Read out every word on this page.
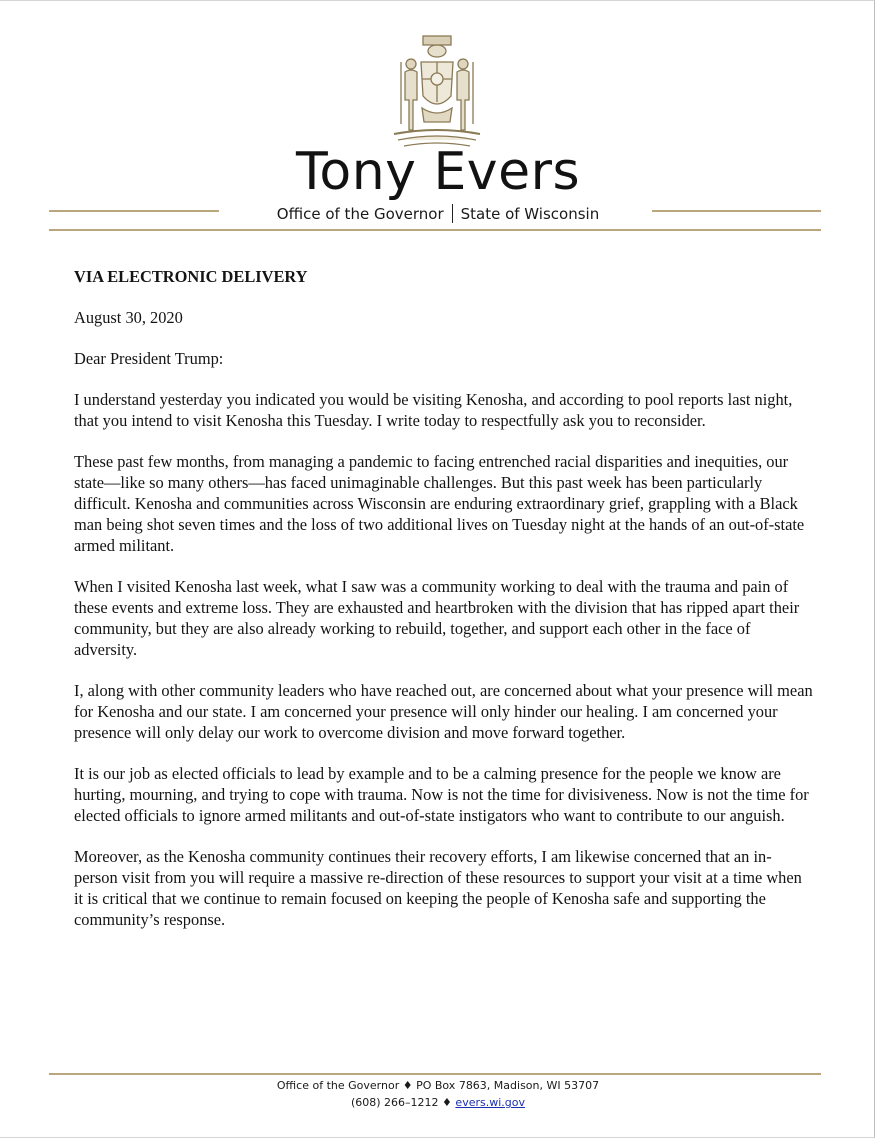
Tony Evers
Office of the Governor State of Wisconsin

VIA ELECTRONIC DELIVERY

August 30, 2020

Dear President Trump:

I understand yesterday you indicated you would be visiting Kenosha, and according to pool reports last night, that you intend to visit Kenosha this Tuesday. I write today to respectfully ask you to reconsider.

These past few months, from managing a pandemic to facing entrenched racial disparities and inequities, our state—like so many others—has faced unimaginable challenges. But this past week has been particularly difficult. Kenosha and communities across Wisconsin are enduring extraordinary grief, grappling with a Black man being shot seven times and the loss of two additional lives on Tuesday night at the hands of an out-of-state armed militant.

When I visited Kenosha last week, what I saw was a community working to deal with the trauma and pain of these events and extreme loss. They are exhausted and heartbroken with the division that has ripped apart their community, but they are also already working to rebuild, together, and support each other in the face of adversity.

I, along with other community leaders who have reached out, are concerned about what your presence will mean for Kenosha and our state. I am concerned your presence will only hinder our healing. I am concerned your presence will only delay our work to overcome division and move forward together.

It is our job as elected officials to lead by example and to be a calming presence for the people we know are hurting, mourning, and trying to cope with trauma. Now is not the time for divisiveness. Now is not the time for elected officials to ignore armed militants and out-of-state instigators who want to contribute to our anguish.

Moreover, as the Kenosha community continues their recovery efforts, I am likewise concerned that an in-person visit from you will require a massive re-direction of these resources to support your visit at a time when it is critical that we continue to remain focused on keeping the people of Kenosha safe and supporting the community’s response.

Office of the Governor ♦ PO Box 7863, Madison, WI 53707
(608) 266–1212 ♦ evers.wi.gov
